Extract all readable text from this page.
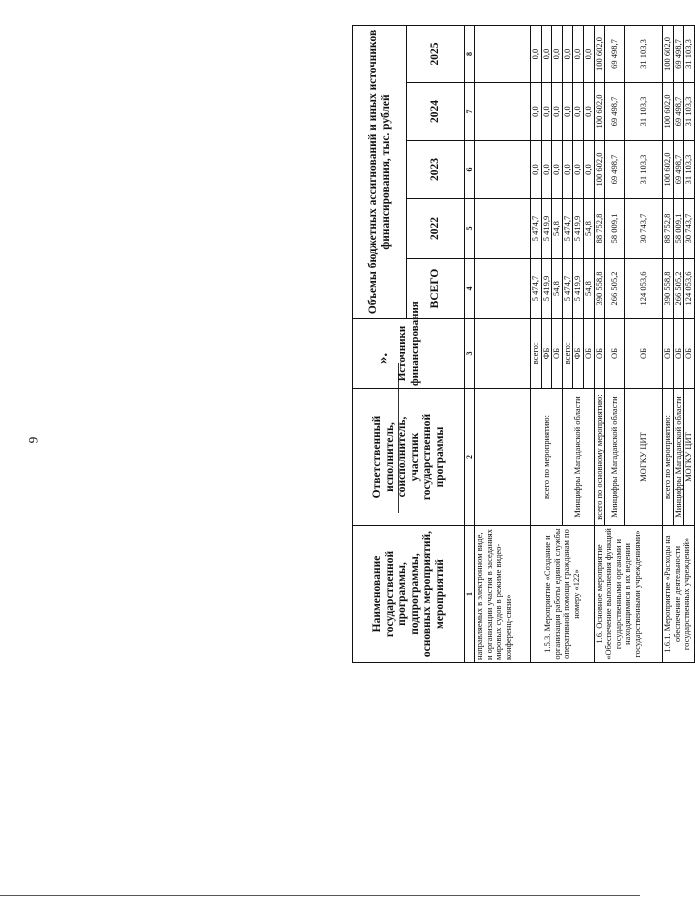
9
».
Наименование государственной программы, подпрограммы, основных мероприятий, мероприятий	Ответственный исполнитель, соисполнитель, участник государственной программы	Источники финансирования	Объемы бюджетных ассигнований и иных источников финансирования, тыс. рублей				
			ВСЕГО	2022	2023	2024	2025
1	2	3	4	5	6	7	8
направляемых в электронном виде, и организации участия в заседаниях мировых судов в режиме видео-конференц-связи»							
1.5.3. Мероприятие «Создание и организация работы единой службы оперативной помощи гражданам по номеру «122»	всего по мероприятию:	всего:	5 474,7	5 474,7	0,0	0,0	0,0
		ФБ	5 419,9	5 419,9	0,0	0,0	0,0
		ОБ	54,8	54,8	0,0	0,0	0,0
	Минцифры Магаданской области	всего:	5 474,7	5 474,7	0,0	0,0	0,0
		ФБ	5 419,9	5 419,9	0,0	0,0	0,0
		ОБ	54,8	54,8	0,0	0,0	0,0
1.6. Основное мероприятие «Обеспечение выполнения функций государственными органами и находящимися в их ведении государственными учреждениями»	всего по основному мероприятию:	ОБ	390 558,8	88 752,8	100 602,0	100 602,0	100 602,0
	Минцифры Магаданской области	ОБ	266 505,2	58 009,1	69 498,7	69 498,7	69 498,7
	МОГКУ ЦИТ	ОБ	124 053,6	30 743,7	31 103,3	31 103,3	31 103,3
1.6.1. Мероприятие «Расходы на обеспечение деятельности государственных учреждений»	всего по мероприятию:	ОБ	390 558,8	88 752,8	100 602,0	100 602,0	100 602,0
	Минцифры Магаданской области	ОБ	266 505,2	58 009,1	69 498,7	69 498,7	69 498,7
	МОГКУ ЦИТ	ОБ	124 053,6	30 743,7	31 103,3	31 103,3	31 103,3
